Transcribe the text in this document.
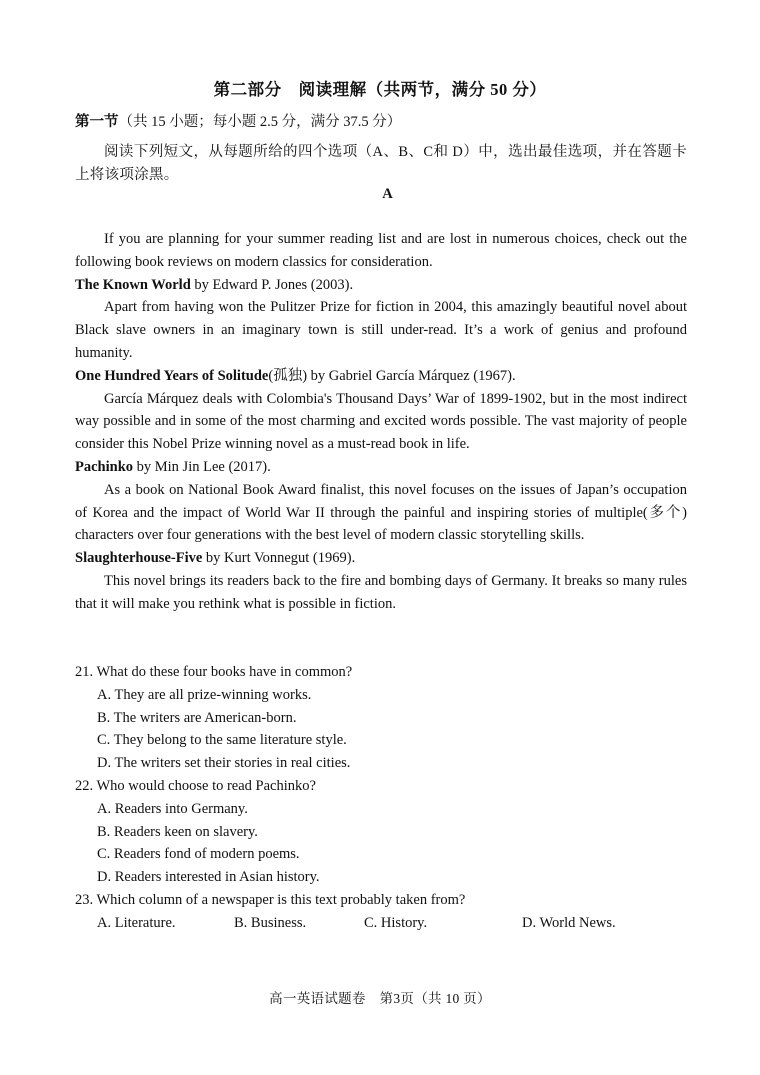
第二部分　阅读理解（共两节，满分 50 分）
第一节（共 15 小题；每小题 2.5 分，满分 37.5 分）
阅读下列短文，从每题所给的四个选项（A、B、C和 D）中，选出最佳选项，并在答题卡上将该项涂黑。
A

If you are planning for your summer reading list and are lost in numerous choices, check out the following book reviews on modern classics for consideration.

The Known World by Edward P. Jones (2003).

Apart from having won the Pulitzer Prize for fiction in 2004, this amazingly beautiful novel about Black slave owners in an imaginary town is still under-read. It’s a work of genius and profound humanity.

One Hundred Years of Solitude(孤独) by Gabriel García Márquez (1967).

García Márquez deals with Colombia's Thousand Days’ War of 1899-1902, but in the most indirect way possible and in some of the most charming and excited words possible. The vast majority of people consider this Nobel Prize winning novel as a must-read book in life.

Pachinko by Min Jin Lee (2017).

As a book on National Book Award finalist, this novel focuses on the issues of Japan’s occupation of Korea and the impact of World War II through the painful and inspiring stories of multiple(多个) characters over four generations with the best level of modern classic storytelling skills.

Slaughterhouse-Five by Kurt Vonnegut (1969).

This novel brings its readers back to the fire and bombing days of Germany. It breaks so many rules that it will make you rethink what is possible in fiction.

21. What do these four books have in common?

A. They are all prize-winning works.

B. The writers are American-born.

C. They belong to the same literature style.

D. The writers set their stories in real cities.

22. Who would choose to read Pachinko?

A. Readers into Germany.

B. Readers keen on slavery.

C. Readers fond of modern poems.

D. Readers interested in Asian history.

23. Which column of a newspaper is this text probably taken from?

A. Literature.	B. Business.	C. History.	D. World News.
高一英语试题卷　第3页（共 10 页）
